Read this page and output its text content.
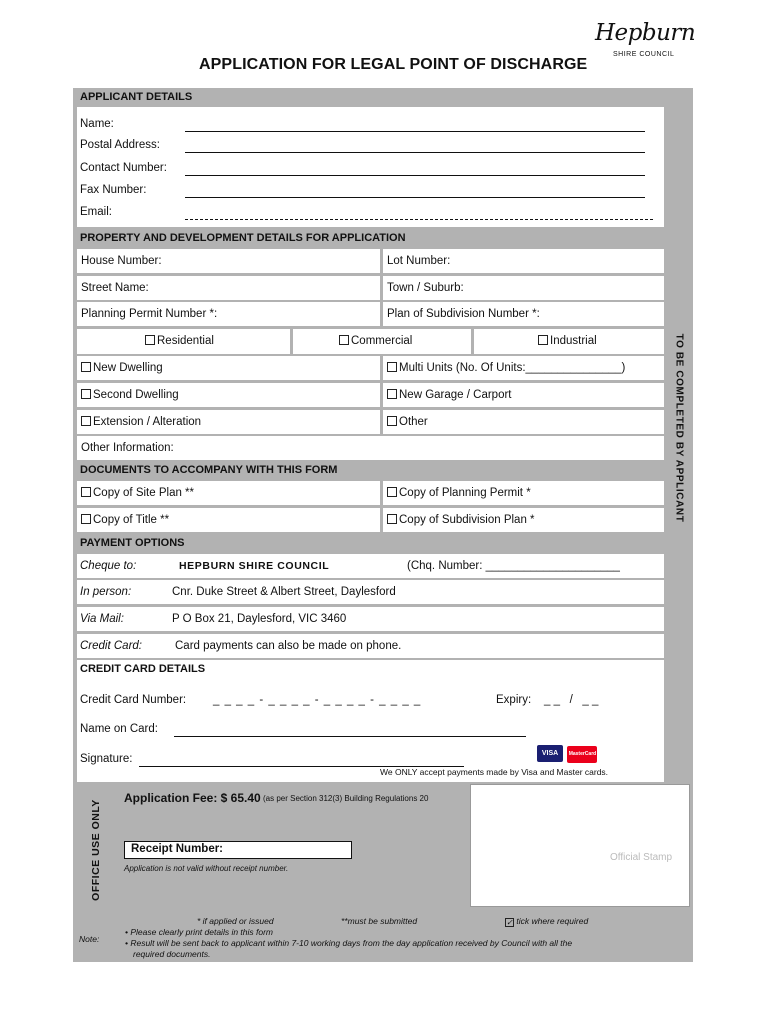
APPLICATION FOR LEGAL POINT OF DISCHARGE
Hepburn
SHIRE COUNCIL
TO BE COMPLETED BY APPLICANT
APPLICANT DETAILS
Name:
Postal Address:
Contact Number:
Fax Number:
Email:
PROPERTY AND DEVELOPMENT DETAILS FOR APPLICATION
House Number:	Lot Number:
Street Name:	Town / Suburb:
Planning Permit Number *:	Plan of Subdivision Number *:
Residential	Commercial	Industrial
New Dwelling	Multi Units (No. Of Units:_______________)
Second Dwelling	New Garage / Carport
Extension / Alteration	Other
Other Information:
DOCUMENTS TO ACCOMPANY WITH THIS FORM
Copy of Site Plan **	Copy of Planning Permit *
Copy of Title **	Copy of Subdivision Plan *
PAYMENT OPTIONS
Cheque to:	HEPBURN SHIRE COUNCIL	(Chq. Number: _____________________
In person:	Cnr. Duke Street & Albert Street, Daylesford
Via Mail:	P O Box 21, Daylesford, VIC 3460
Credit Card:	Card payments can also be made on phone.
CREDIT CARD DETAILS
Credit Card Number: _ _ _ _ - _ _ _ _ - _ _ _ _ - _ _ _ _	Expiry: _ _   /   _ _
Name on Card:
Signature:	VISA MasterCard
We ONLY accept payments made by Visa and Master cards.
OFFICE USE ONLY
Application Fee: $ 65.40 (as per Section 312(3) Building Regulations 20
Receipt Number:
Application is not valid without receipt number.
Official Stamp
Note:
* if applied or issued	**must be submitted	✓ tick where required
• Please clearly print details in this form
• Result will be sent back to applicant within 7-10 working days from the day application received by Council with all the
required documents.
